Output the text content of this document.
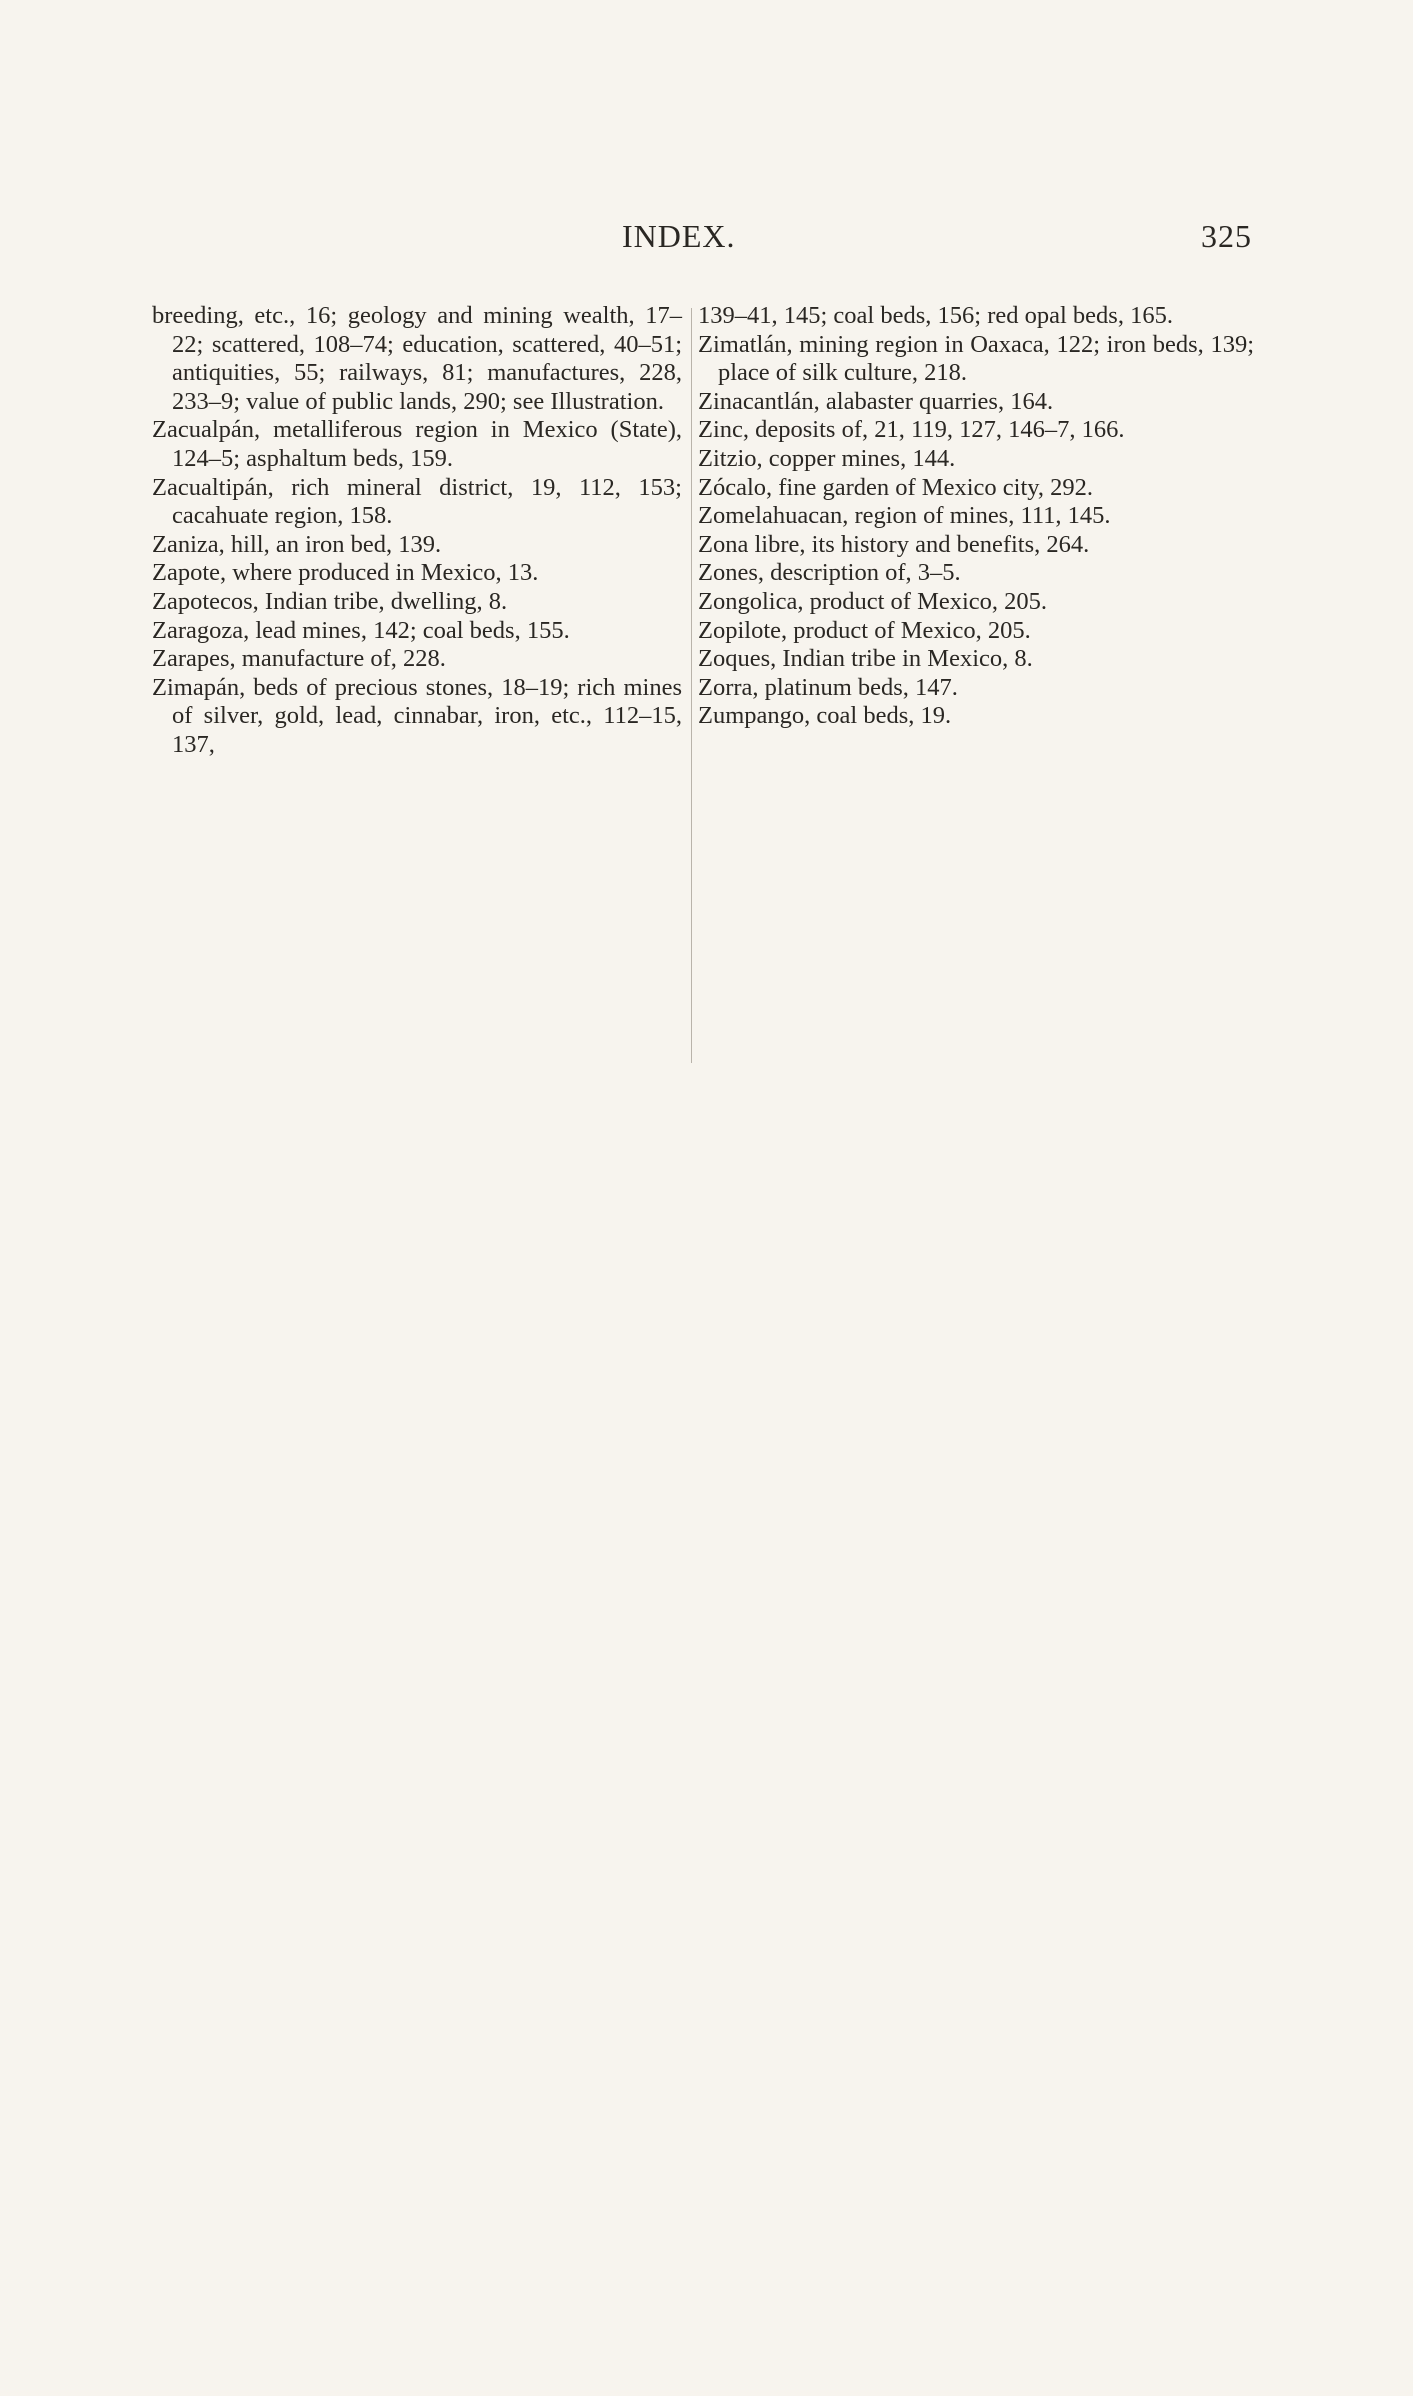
INDEX.	325

breeding, etc., 16; geology and mining wealth, 17–22; scattered, 108–74; education, scattered, 40–51; antiquities, 55; railways, 81; manufactures, 228, 233–9; value of public lands, 290; see Illustration.

Zacualpán, metalliferous region in Mexico (State), 124–5; asphaltum beds, 159.

Zacualtipán, rich mineral district, 19, 112, 153; cacahuate region, 158.

Zaniza, hill, an iron bed, 139.

Zapote, where produced in Mexico, 13.

Zapotecos, Indian tribe, dwelling, 8.

Zaragoza, lead mines, 142; coal beds, 155.

Zarapes, manufacture of, 228.

Zimapán, beds of precious stones, 18–19; rich mines of silver, gold, lead, cinnabar, iron, etc., 112–15, 137,

139–41, 145; coal beds, 156; red opal beds, 165.

Zimatlán, mining region in Oaxaca, 122; iron beds, 139; place of silk culture, 218.

Zinacantlán, alabaster quarries, 164.

Zinc, deposits of, 21, 119, 127, 146–7, 166.

Zitzio, copper mines, 144.

Zócalo, fine garden of Mexico city, 292.

Zomelahuacan, region of mines, 111, 145.

Zona libre, its history and benefits, 264.

Zones, description of, 3–5.

Zongolica, product of Mexico, 205.

Zopilote, product of Mexico, 205.

Zoques, Indian tribe in Mexico, 8.

Zorra, platinum beds, 147.

Zumpango, coal beds, 19.
